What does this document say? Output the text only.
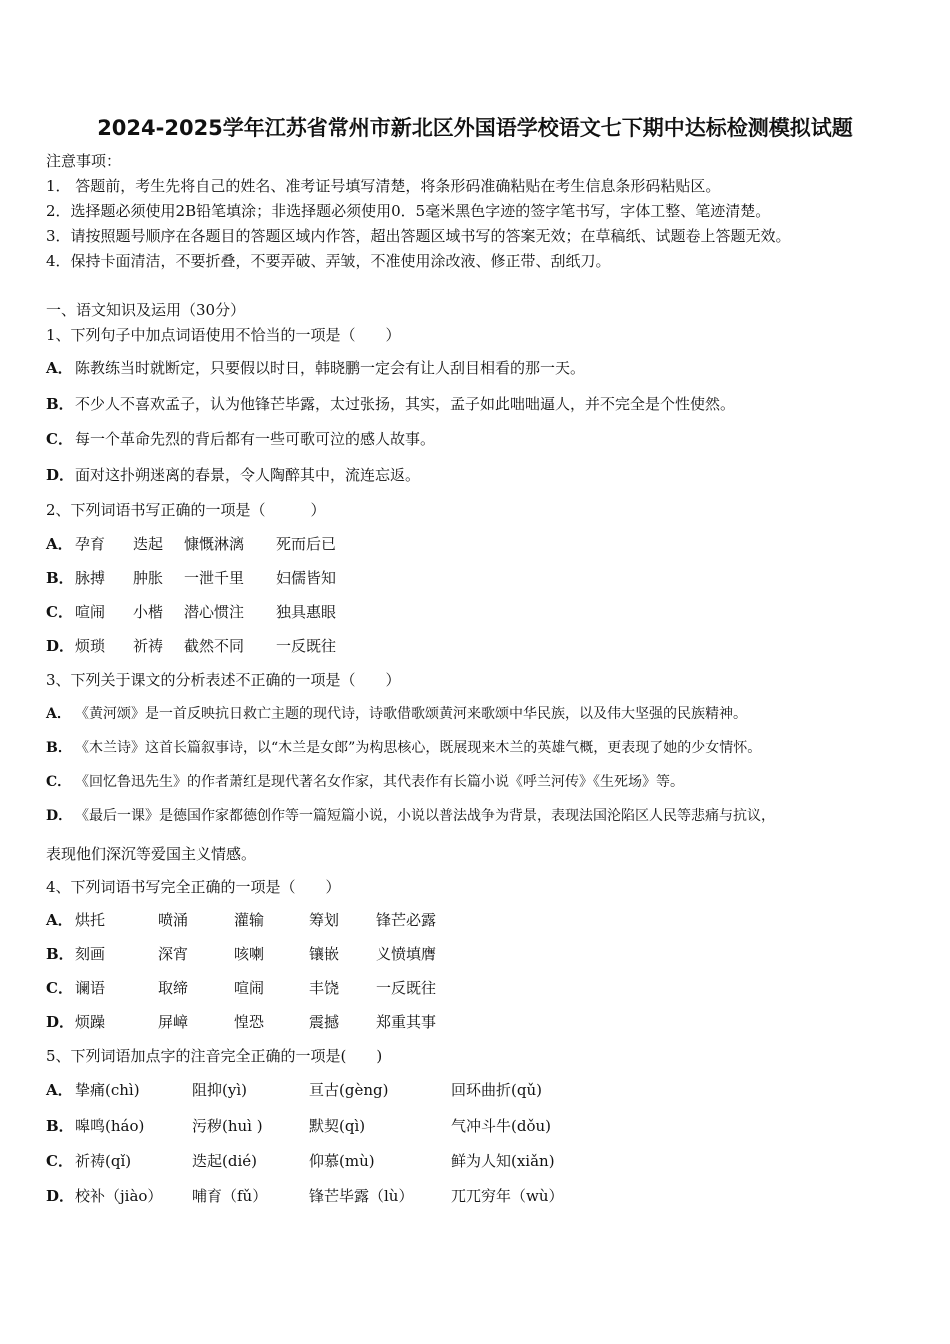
2024-2025学年江苏省常州市新北区外国语学校语文七下期中达标检测模拟试题
注意事项：
1． 答题前，考生先将自己的姓名、准考证号填写清楚，将条形码准确粘贴在考生信息条形码粘贴区。
2．选择题必须使用2B铅笔填涂；非选择题必须使用0．5毫米黑色字迹的签字笔书写，字体工整、笔迹清楚。
3．请按照题号顺序在各题目的答题区域内作答，超出答题区域书写的答案无效；在草稿纸、试题卷上答题无效。
4．保持卡面清洁，不要折叠，不要弄破、弄皱，不准使用涂改液、修正带、刮纸刀。
一、语文知识及运用（30分）
1、下列句子中加点词语使用不恰当的一项是（　　）
A． 陈教练当时就断定，只要假以时日，韩晓鹏一定会有让人刮目相看的那一天。
B．不少人不喜欢孟子，认为他锋芒毕露，太过张扬，其实，孟子如此咄咄逼人，并不完全是个性使然。
C． 每一个革命先烈的背后都有一些可歌可泣的感人故事。
D．面对这扑朔迷离的春景，令人陶醉其中，流连忘返。
2、下列词语书写正确的一项是（　　　）
A． 孕育 迭起 慷慨淋漓 死而后已
B． 脉搏 肿胀 一泄千里 妇儒皆知
C． 喧闹 小楷 潜心惯注 独具惠眼
D． 烦琐 祈祷 截然不同 一反既往
3、下列关于课文的分析表述不正确的一项是（　　）
A． 《黄河颂》是一首反映抗日救亡主题的现代诗，诗歌借歌颂黄河来歌颂中华民族，以及伟大坚强的民族精神。
B． 《木兰诗》这首长篇叙事诗，以“木兰是女郎”为构思核心，既展现来木兰的英雄气概，更表现了她的少女情怀。
C． 《回忆鲁迅先生》的作者萧红是现代著名女作家，其代表作有长篇小说《呼兰河传》《生死场》等。
D． 《最后一课》是德国作家都德创作等一篇短篇小说，小说以普法战争为背景，表现法国沦陷区人民等悲痛与抗议，
表现他们深沉等爱国主义情感。
4、下列词语书写完全正确的一项是（　　）
A． 烘托	喷涌	灌输	筹划 锋芒必露
B． 刻画	深宵	咳喇	镶嵌 义愤填膺
C． 谰语	取缔	喧闹	丰饶 一反既往
D． 烦躁	屏嶂	惶恐	震撼 郑重其事
5、下列词语加点字的注音完全正确的一项是(　　)
A． 挚痛(chì)	阻抑(yì)	亘古(gèng)	回环曲折(qǔ)
B． 嗥鸣(háo)	污秽(huì )	默契(qì)	气冲斗牛(dǒu)
C． 祈祷(qǐ)	迭起(dié)	仰慕(mù)	鲜为人知(xiǎn)
D． 校补（jiào） 哺育（fǔ）	锋芒毕露（lù）	兀兀穷年（wù）
